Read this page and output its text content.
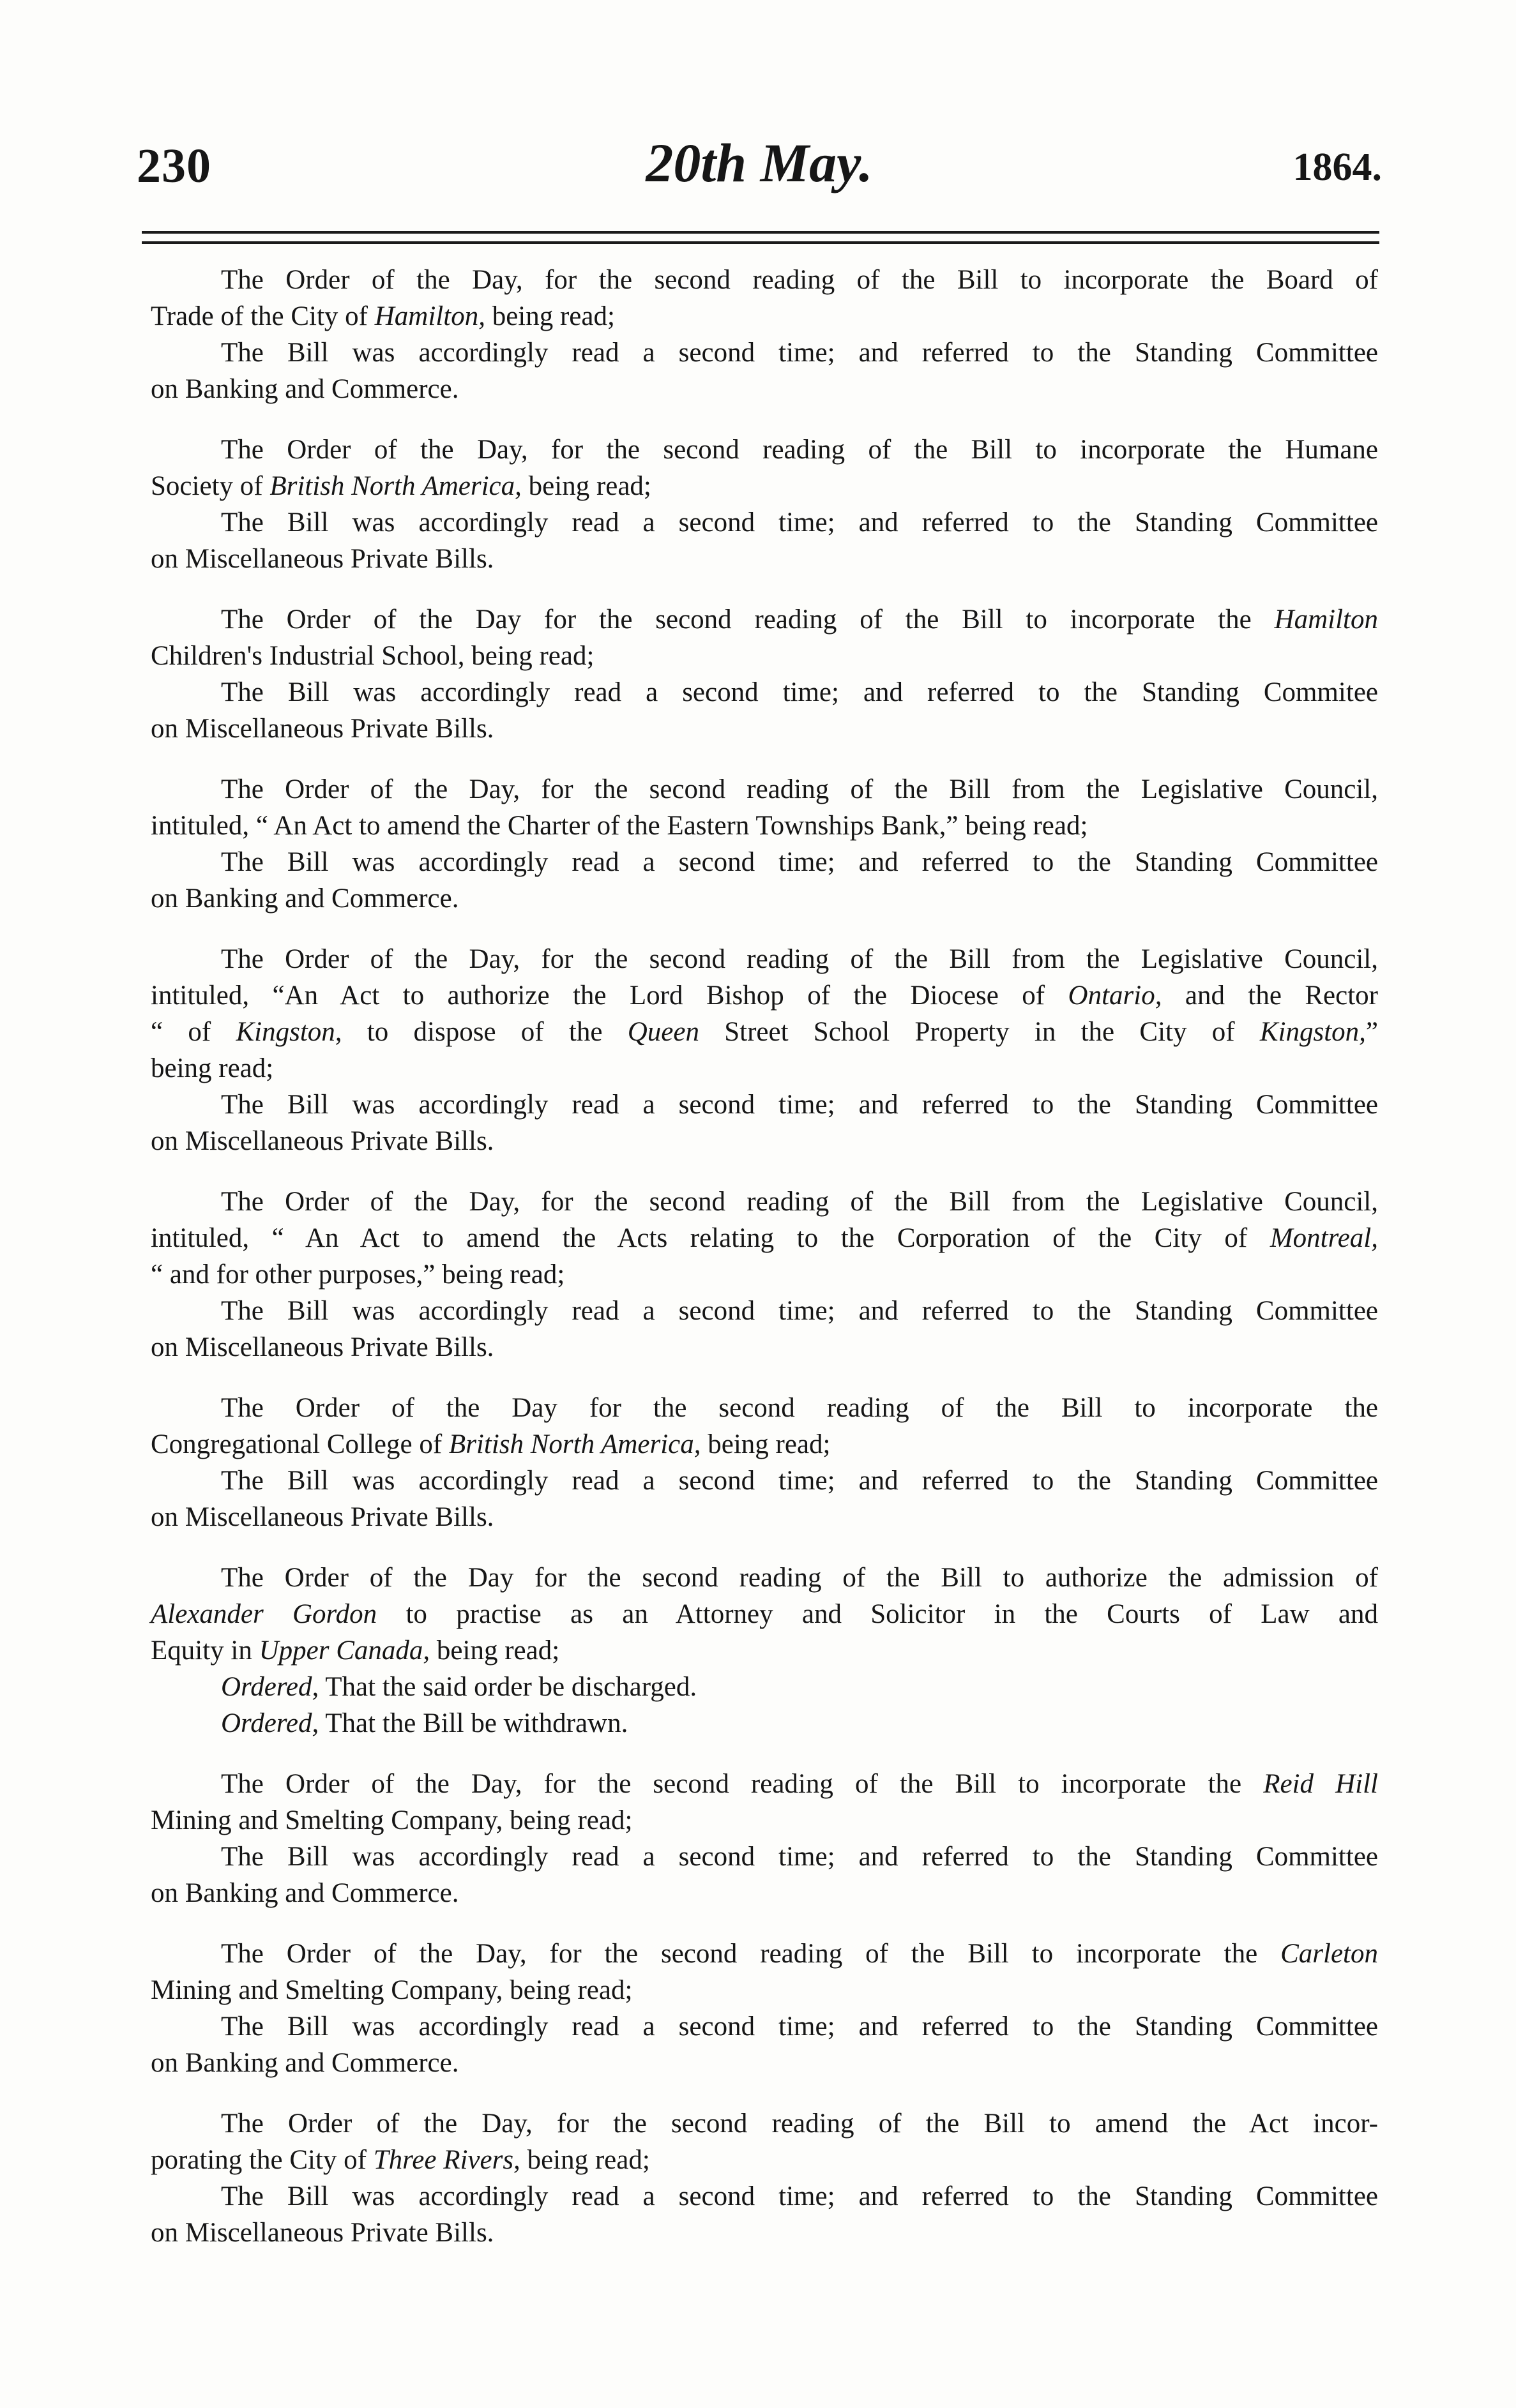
230	20th May.	1864.
The Order of the Day, for the second reading of the Bill to incorporate the Board of
Trade of the City of Hamilton, being read;
The Bill was accordingly read a second time; and referred to the Standing Committee
on Banking and Commerce.
The Order of the Day, for the second reading of the Bill to incorporate the Humane
Society of British North America, being read;
The Bill was accordingly read a second time; and referred to the Standing Committee
on Miscellaneous Private Bills.
The Order of the Day for the second reading of the Bill to incorporate the Hamilton
Children's Industrial School, being read;
The Bill was accordingly read a second time; and referred to the Standing Commitee
on Miscellaneous Private Bills.
The Order of the Day, for the second reading of the Bill from the Legislative Council,
intituled, “ An Act to amend the Charter of the Eastern Townships Bank,” being read;
The Bill was accordingly read a second time; and referred to the Standing Committee
on Banking and Commerce.
The Order of the Day, for the second reading of the Bill from the Legislative Council,
intituled, “An Act to authorize the Lord Bishop of the Diocese of Ontario, and the Rector
“ of Kingston, to dispose of the Queen Street School Property in the City of Kingston,”
being read;
The Bill was accordingly read a second time; and referred to the Standing Committee
on Miscellaneous Private Bills.
The Order of the Day, for the second reading of the Bill from the Legislative Council,
intituled, “ An Act to amend the Acts relating to the Corporation of the City of Montreal,
“ and for other purposes,” being read;
The Bill was accordingly read a second time; and referred to the Standing Committee
on Miscellaneous Private Bills.
The Order of the Day for the second reading of the Bill to incorporate the
Congregational College of British North America, being read;
The Bill was accordingly read a second time; and referred to the Standing Committee
on Miscellaneous Private Bills.
The Order of the Day for the second reading of the Bill to authorize the admission of
Alexander Gordon to practise as an Attorney and Solicitor in the Courts of Law and
Equity in Upper Canada, being read;
Ordered, That the said order be discharged.
Ordered, That the Bill be withdrawn.
The Order of the Day, for the second reading of the Bill to incorporate the Reid Hill
Mining and Smelting Company, being read;
The Bill was accordingly read a second time; and referred to the Standing Committee
on Banking and Commerce.
The Order of the Day, for the second reading of the Bill to incorporate the Carleton
Mining and Smelting Company, being read;
The Bill was accordingly read a second time; and referred to the Standing Committee
on Banking and Commerce.
The Order of the Day, for the second reading of the Bill to amend the Act incor-
porating the City of Three Rivers, being read;
The Bill was accordingly read a second time; and referred to the Standing Committee
on Miscellaneous Private Bills.
